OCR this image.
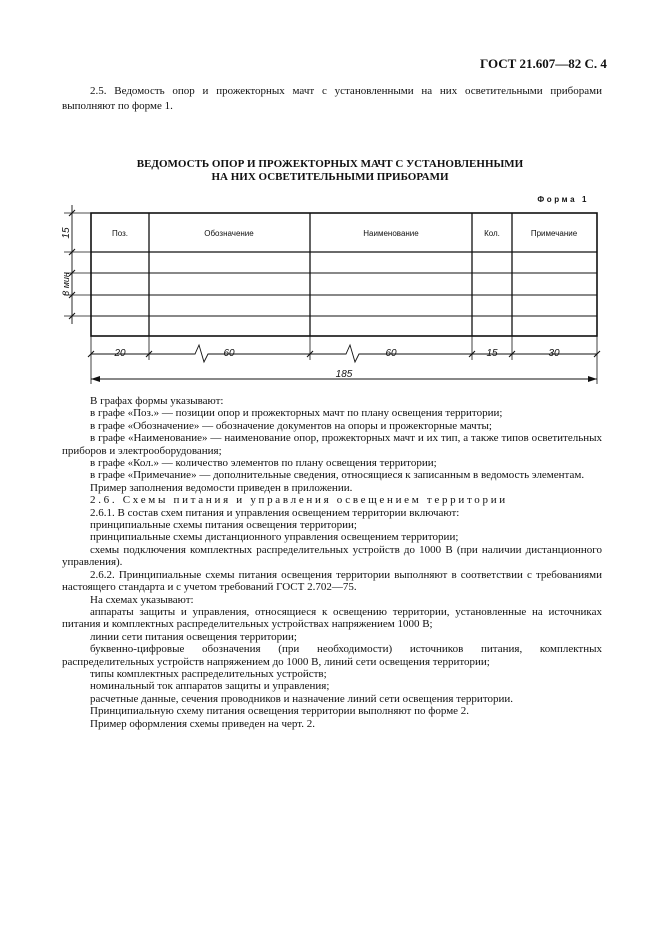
ГОСТ 21.607—82 С. 4

2.5. Ведомость опор и прожекторных мачт с установленными на них осветительными приборами выполняют по форме 1.

ВЕДОМОСТЬ ОПОР И ПРОЖЕКТОРНЫХ МАЧТ С УСТАНОВЛЕННЫМИ
НА НИХ ОСВЕТИТЕЛЬНЫМИ ПРИБОРАМИ
Форма 1
Поз.	Обозначение	Наименование	Кол.	Примечание
20	60	60	15	30
185
15
8 мин

В графах формы указывают:

в графе «Поз.» — позиции опор и прожекторных мачт по плану освещения территории;

в графе «Обозначение» — обозначение документов на опоры и прожекторные мачты;

в графе «Наименование» — наименование опор, прожекторных мачт и их тип, а также типов осветительных приборов и электрооборудования;

в графе «Кол.» — количество элементов по плану освещения территории;

в графе «Примечание» — дополнительные сведения, относящиеся к записанным в ведомость элементам.

Пример заполнения ведомости приведен в приложении.

2.6. Схемы питания и управления освещением территории

2.6.1. В состав схем питания и управления освещением территории включают:

принципиальные схемы питания освещения территории;

принципиальные схемы дистанционного управления освещением территории;

схемы подключения комплектных распределительных устройств до 1000 В (при наличии дистанционного управления).

2.6.2. Принципиальные схемы питания освещения территории выполняют в соответствии с требованиями настоящего стандарта и с учетом требований ГОСТ 2.702—75.

На схемах указывают:

аппараты защиты и управления, относящиеся к освещению территории, установленные на источниках питания и комплектных распределительных устройствах напряжением 1000 В;

линии сети питания освещения территории;

буквенно-цифровые обозначения (при необходимости) источников питания, комплектных распределительных устройств напряжением до 1000 В, линий сети освещения территории;

типы комплектных распределительных устройств;

номинальный ток аппаратов защиты и управления;

расчетные данные, сечения проводников и назначение линий сети освещения территории.

Принципиальную схему питания освещения территории выполняют по форме 2.

Пример оформления схемы приведен на черт. 2.
